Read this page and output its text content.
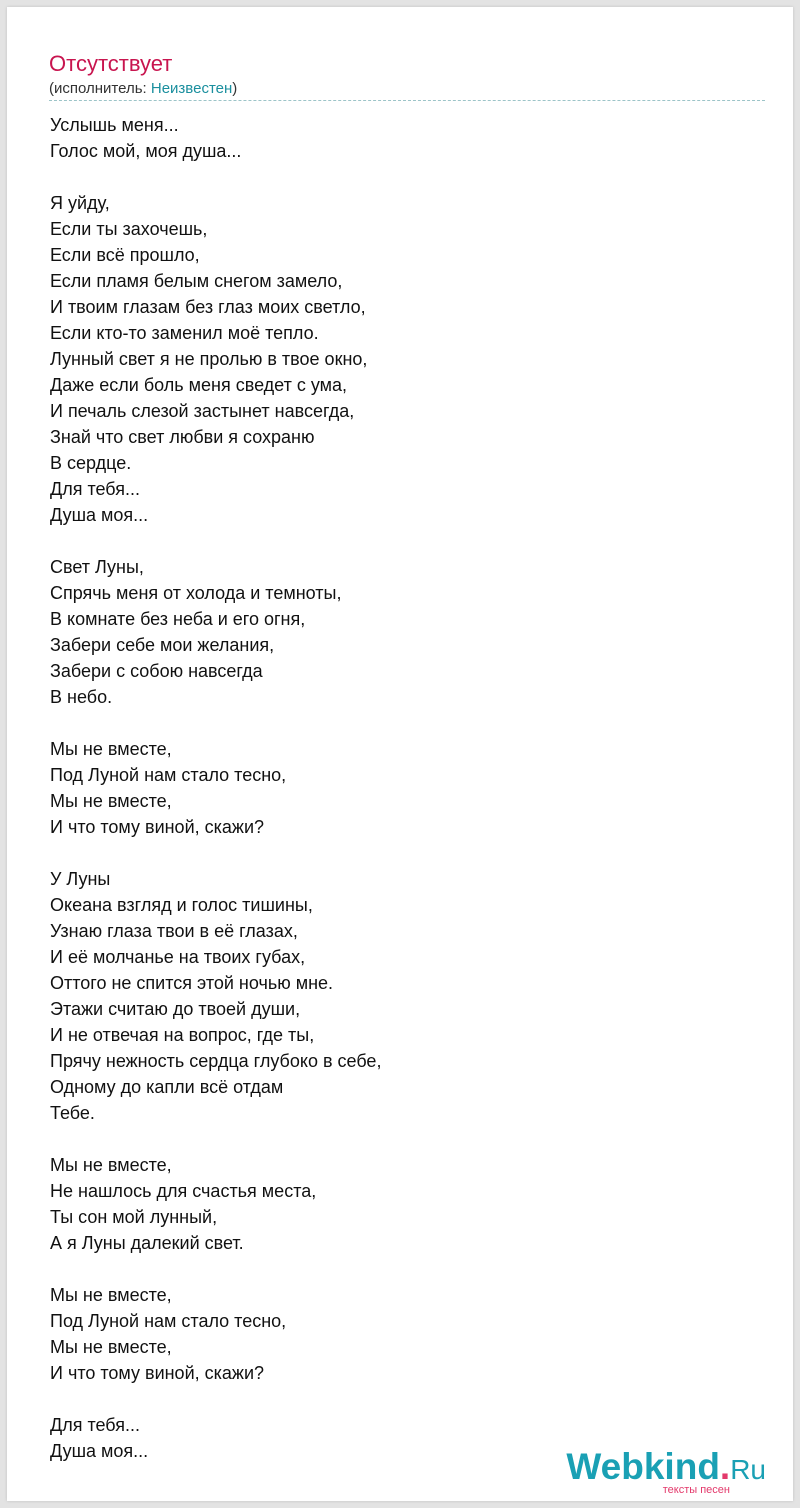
Отсутствует
(исполнитель: Неизвестен)
Услышь меня...
Голос мой, моя душа...
Я уйду,
Если ты захочешь,
Если всё прошло,
Если пламя белым снегом замело,
И твоим глазам без глаз моих светло,
Если кто-то заменил моё тепло.
Лунный свет я не пролью в твое окно,
Даже если боль меня сведет с ума,
И печаль слезой застынет навсегда,
Знай что свет любви я сохраню
В сердце.
Для тебя...
Душа моя...
Свет Луны,
Спрячь меня от холода и темноты,
В комнате без неба и его огня,
Забери себе мои желания,
Забери с собою навсегда
В небо.
Мы не вместе,
Под Луной нам стало тесно,
Мы не вместе,
И что тому виной, скажи?
У Луны
Океана взгляд и голос тишины,
Узнаю глаза твои в её глазах,
И её молчанье на твоих губах,
Оттого не спится этой ночью мне.
Этажи считаю до твоей души,
И не отвечая на вопрос, где ты,
Прячу нежность сердца глубоко в себе,
Одному до капли всё отдам
Тебе.
Мы не вместе,
Не нашлось для счастья места,
Ты сон мой лунный,
А я Луны далекий свет.
Мы не вместе,
Под Луной нам стало тесно,
Мы не вместе,
И что тому виной, скажи?
Для тебя...
Душа моя...	Webkind.Ru
тексты песен
